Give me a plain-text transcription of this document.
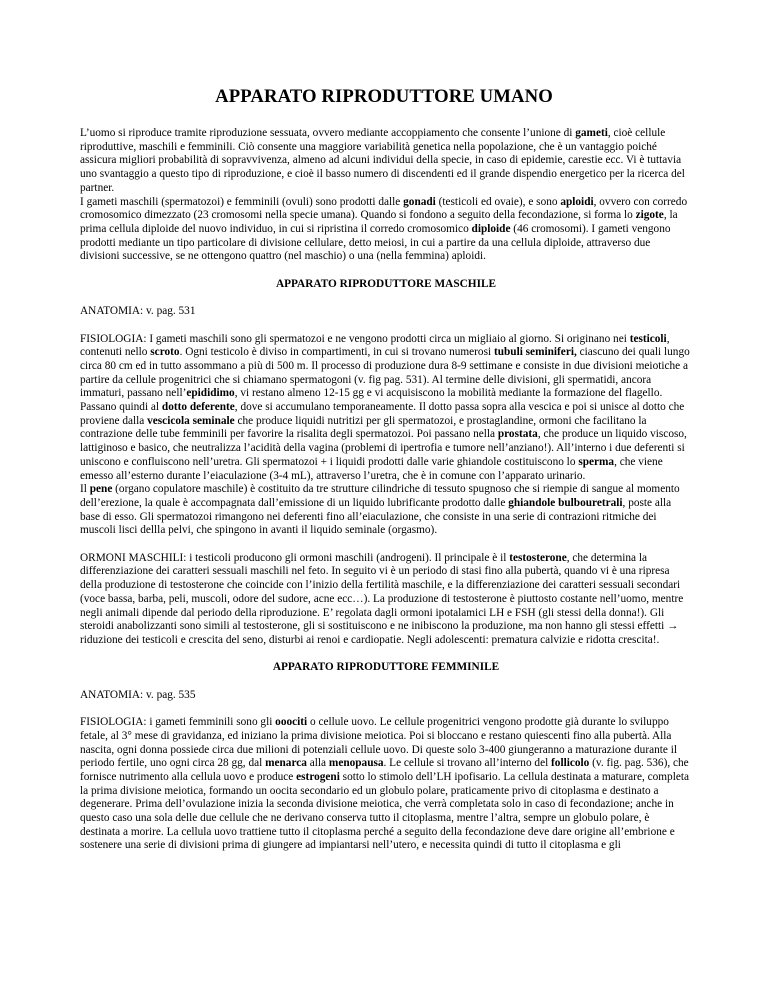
APPARATO RIPRODUTTORE UMANO

L’uomo si riproduce tramite riproduzione sessuata, ovvero mediante accoppiamento che consente l’unione di gameti, cioè cellule riproduttive, maschili e femminili. Ciò consente una maggiore variabilità genetica nella popolazione, che è un vantaggio poiché assicura migliori probabilità di sopravvivenza, almeno ad alcuni individui della specie, in caso di epidemie, carestie ecc. Vi è tuttavia uno svantaggio a questo tipo di riproduzione, e cioè il basso numero di discendenti ed il grande dispendio energetico per la ricerca del partner.

I gameti maschili (spermatozoi) e femminili (ovuli) sono prodotti dalle gonadi (testicoli ed ovaie), e sono aploidi, ovvero con corredo cromosomico dimezzato (23 cromosomi nella specie umana). Quando si fondono a seguito della fecondazione, si forma lo zigote, la prima cellula diploide del nuovo individuo, in cui si ripristina il corredo cromosomico diploide (46 cromosomi). I gameti vengono prodotti mediante un tipo particolare di divisione cellulare, detto meiosi, in cui a partire da una cellula diploide, attraverso due divisioni successive, se ne ottengono quattro (nel maschio) o una (nella femmina) aploidi.

APPARATO RIPRODUTTORE MASCHILE

ANATOMIA: v. pag. 531

FISIOLOGIA: I gameti maschili sono gli spermatozoi e ne vengono prodotti circa un migliaio al giorno. Si originano nei testicoli, contenuti nello scroto. Ogni testicolo è diviso in compartimenti, in cui si trovano numerosi tubuli seminiferi, ciascuno dei quali lungo circa 80 cm ed in tutto assommano a più di 500 m. Il processo di produzione dura 8-9 settimane e consiste in due divisioni meiotiche a partire da cellule progenitrici che si chiamano spermatogoni (v. fig pag. 531). Al termine delle divisioni, gli spermatidi, ancora immaturi, passano nell’epididimo, vi restano almeno 12-15 gg e vi acquisiscono la mobilità mediante la formazione del flagello. Passano quindi al dotto deferente, dove si accumulano temporaneamente. Il dotto passa sopra alla vescica e poi si unisce al dotto che proviene dalla vescicola seminale che produce liquidi nutritizi per gli spermatozoi, e prostaglandine, ormoni che facilitano la contrazione delle tube femminili per favorire la risalita degli spermatozoi. Poi passano nella prostata, che produce un liquido viscoso, lattiginoso e basico, che neutralizza l’acidità della vagina (problemi di ipertrofia e tumore nell’anziano!). All’interno i due deferenti si uniscono e confluiscono nell’uretra. Gli spermatozoi + i liquidi prodotti dalle varie ghiandole costituiscono lo sperma, che viene emesso all’esterno durante l’eiaculazione (3-4 mL), attraverso l’uretra, che è in comune con l’apparato urinario.

Il pene (organo copulatore maschile) è costituito da tre strutture cilindriche di tessuto spugnoso che si riempie di sangue al momento dell’erezione, la quale è accompagnata dall’emissione di un liquido lubrificante prodotto dalle ghiandole bulbouretrali, poste alla base di esso. Gli spermatozoi rimangono nei deferenti fino all’eiaculazione, che consiste in una serie di contrazioni ritmiche dei muscoli lisci dellla pelvi, che spingono in avanti il liquido seminale (orgasmo).

ORMONI MASCHILI: i testicoli producono gli ormoni maschili (androgeni). Il principale è il testosterone, che determina la differenziazione dei caratteri sessuali maschili nel feto. In seguito vi è un periodo di stasi fino alla pubertà, quando vi è una ripresa della produzione di testosterone che coincide con l’inizio della fertilità maschile, e la differenziazione dei caratteri sessuali secondari (voce bassa, barba, peli, muscoli, odore del sudore, acne ecc…). La produzione di testosterone è piuttosto costante nell’uomo, mentre negli animali dipende dal periodo della riproduzione. E’ regolata dagli ormoni ipotalamici LH e FSH (gli stessi della donna!). Gli steroidi anabolizzanti sono simili al testosterone, gli si sostituiscono e ne inibiscono la produzione, ma non hanno gli stessi effetti → riduzione dei testicoli e crescita del seno, disturbi ai renoi e cardiopatie. Negli adolescenti: prematura calvizie e ridotta crescita!.

APPARATO RIPRODUTTORE FEMMINILE

ANATOMIA: v. pag. 535

FISIOLOGIA: i gameti femminili sono gli ooociti o cellule uovo. Le cellule progenitrici vengono prodotte già durante lo sviluppo fetale, al 3° mese di gravidanza, ed iniziano la prima divisione meiotica. Poi si bloccano e restano quiescenti fino alla pubertà. Alla nascita, ogni donna possiede circa due milioni di potenziali cellule uovo. Di queste solo 3-400 giungeranno a maturazione durante il periodo fertile, uno ogni circa 28 gg, dal menarca alla menopausa. Le cellule si trovano all’interno del follicolo (v. fig. pag. 536), che fornisce nutrimento alla cellula uovo e produce estrogeni sotto lo stimolo dell’LH ipofisario. La cellula destinata a maturare, completa la prima divisione meiotica, formando un oocita secondario ed un globulo polare, praticamente privo di citoplasma e destinato a degenerare. Prima dell’ovulazione inizia la seconda divisione meiotica, che verrà completata solo in caso di fecondazione; anche in questo caso una sola delle due cellule che ne derivano conserva tutto il citoplasma, mentre l’altra, sempre un globulo polare, è destinata a morire. La cellula uovo trattiene tutto il citoplasma perché a seguito della fecondazione deve dare origine all’embrione e sostenere una serie di divisioni prima di giungere ad impiantarsi nell’utero, e necessita quindi di tutto il citoplasma e gli
